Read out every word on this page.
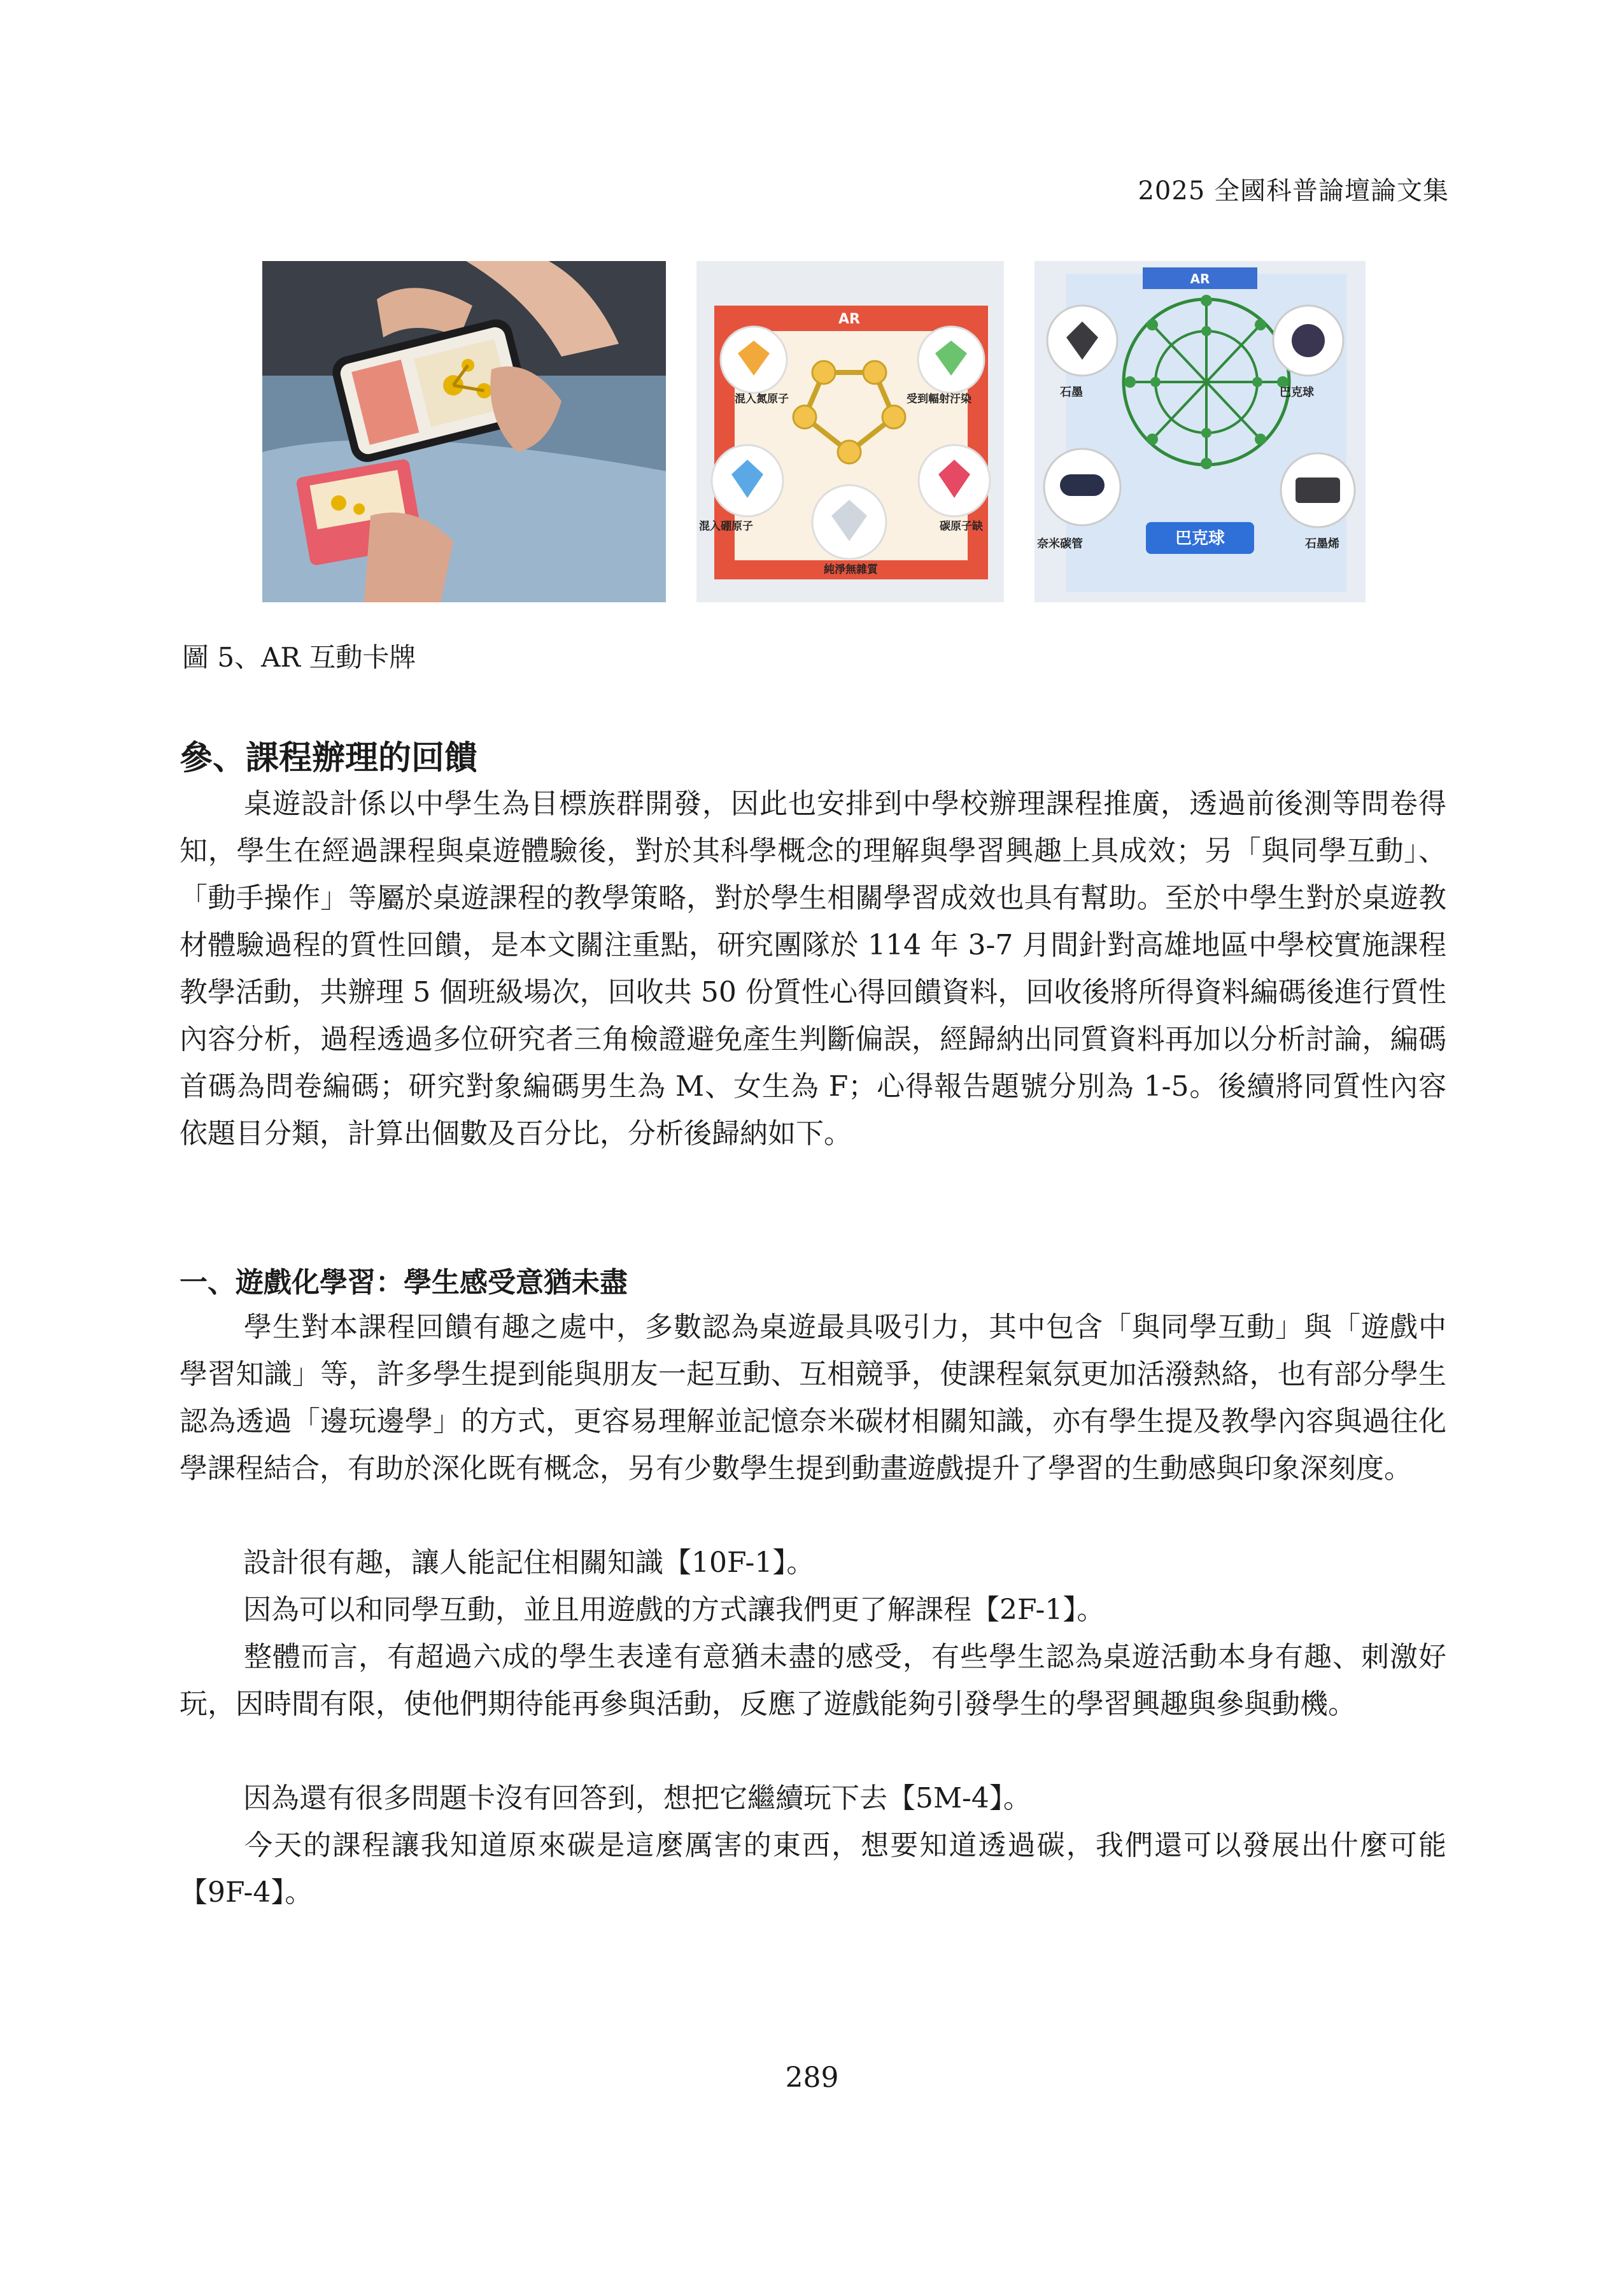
2025 全國科普論壇論文集
AR
混入氮原子	受到輻射汙染
混入硼原子	碳原子缺
純淨無雜質
AR
石墨	巴克球
奈米碳管	石墨烯
巴克球
圖 5、AR 互動卡牌
參、課程辦理的回饋

桌遊設計係以中學生為目標族群開發，因此也安排到中學校辦理課程推廣，透過前後測等問卷得知，學生在經過課程與桌遊體驗後，對於其科學概念的理解與學習興趣上具成效；另「與同學互動」、「動手操作」等屬於桌遊課程的教學策略，對於學生相關學習成效也具有幫助。至於中學生對於桌遊教材體驗過程的質性回饋，是本文關注重點，研究團隊於 114 年 3-7 月間針對高雄地區中學校實施課程教學活動，共辦理 5 個班級場次，回收共 50 份質性心得回饋資料，回收後將所得資料編碼後進行質性內容分析，過程透過多位研究者三角檢證避免產生判斷偏誤，經歸納出同質資料再加以分析討論，編碼首碼為問卷編碼；研究對象編碼男生為 M、女生為 F；心得報告題號分別為 1-5。後續將同質性內容依題目分類，計算出個數及百分比，分析後歸納如下。

一、遊戲化學習：學生感受意猶未盡

學生對本課程回饋有趣之處中，多數認為桌遊最具吸引力，其中包含「與同學互動」與「遊戲中學習知識」等，許多學生提到能與朋友一起互動、互相競爭，使課程氣氛更加活潑熱絡，也有部分學生認為透過「邊玩邊學」的方式，更容易理解並記憶奈米碳材相關知識，亦有學生提及教學內容與過往化學課程結合，有助於深化既有概念，另有少數學生提到動畫遊戲提升了學習的生動感與印象深刻度。

設計很有趣，讓人能記住相關知識【10F-1】。

因為可以和同學互動，並且用遊戲的方式讓我們更了解課程【2F-1】。

整體而言，有超過六成的學生表達有意猶未盡的感受，有些學生認為桌遊活動本身有趣、刺激好玩，因時間有限，使他們期待能再參與活動，反應了遊戲能夠引發學生的學習興趣與參與動機。

因為還有很多問題卡沒有回答到，想把它繼續玩下去【5M-4】。

今天的課程讓我知道原來碳是這麼厲害的東西，想要知道透過碳，我們還可以發展出什麼可能【9F-4】。

289
